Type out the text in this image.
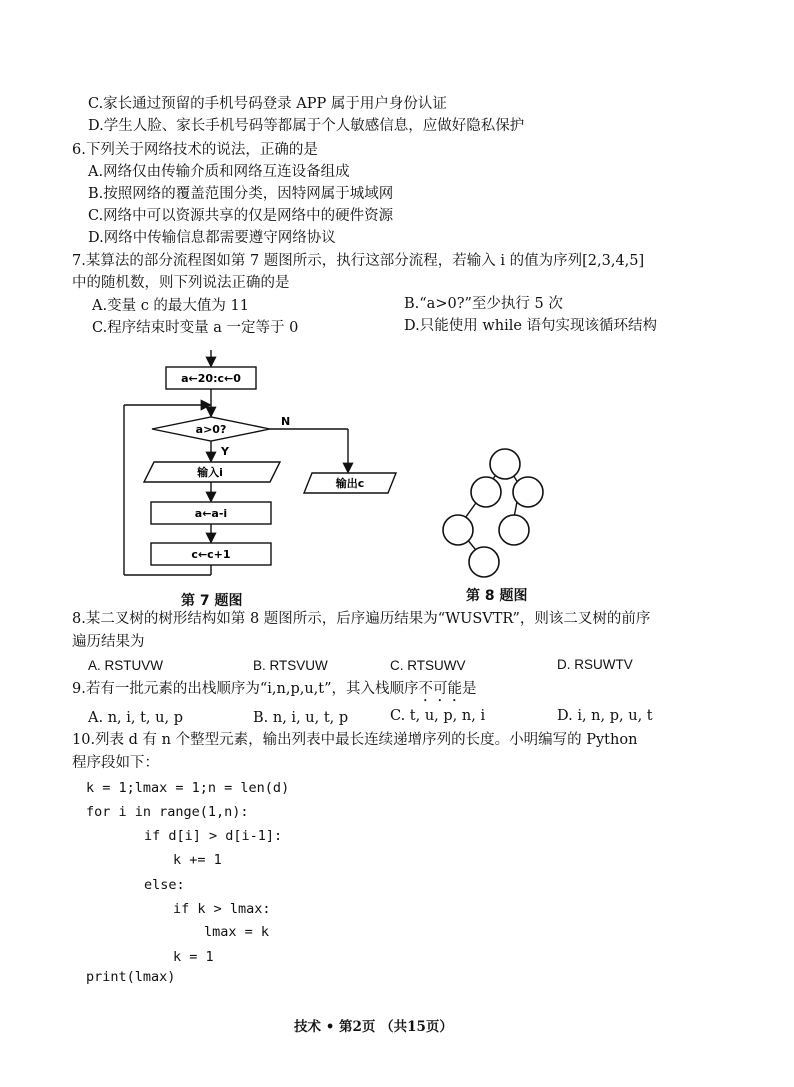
C.家长通过预留的手机号码登录 APP 属于用户身份认证
D.学生人脸、家长手机号码等都属于个人敏感信息，应做好隐私保护
6.下列关于网络技术的说法，正确的是
A.网络仅由传输介质和网络互连设备组成
B.按照网络的覆盖范围分类，因特网属于城域网
C.网络中可以资源共享的仅是网络中的硬件资源
D.网络中传输信息都需要遵守网络协议
7.某算法的部分流程图如第 7 题图所示，执行这部分流程，若输入 i 的值为序列[2,3,4,5]
中的随机数，则下列说法正确的是
A.变量 c 的最大值为 11	B.“a>0?”至少执行 5 次
C.程序结束时变量 a 一定等于 0	D.只能使用 while 语句实现该循环结构
a←20:c←0
a>0?
N
Y
输入i
a←a-i
c←c+1
输出c
第 7 题图	第 8 题图
8.某二叉树的树形结构如第 8 题图所示，后序遍历结果为“WUSVTR”，则该二叉树的前序
遍历结果为
A. RSTUVW	B. RTSVUW	C. RTSUWV	D. RSUWTV
9.若有一批元素的出栈顺序为“i,n,p,u,t”，其入栈顺序不可能是
A. n, i, t, u, p	B. n, i, u, t, p	C. t, u, p, n, i	D. i, n, p, u, t
10.列表 d 有 n 个整型元素，输出列表中最长连续递增序列的长度。小明编写的 Python
程序段如下：
k = 1;lmax = 1;n = len(d)
for i in range(1,n):
if d[i] > d[i-1]:
k += 1
else:
if k > lmax:
lmax = k
k = 1
print(lmax)
技术 • 第2页 （共15页）
